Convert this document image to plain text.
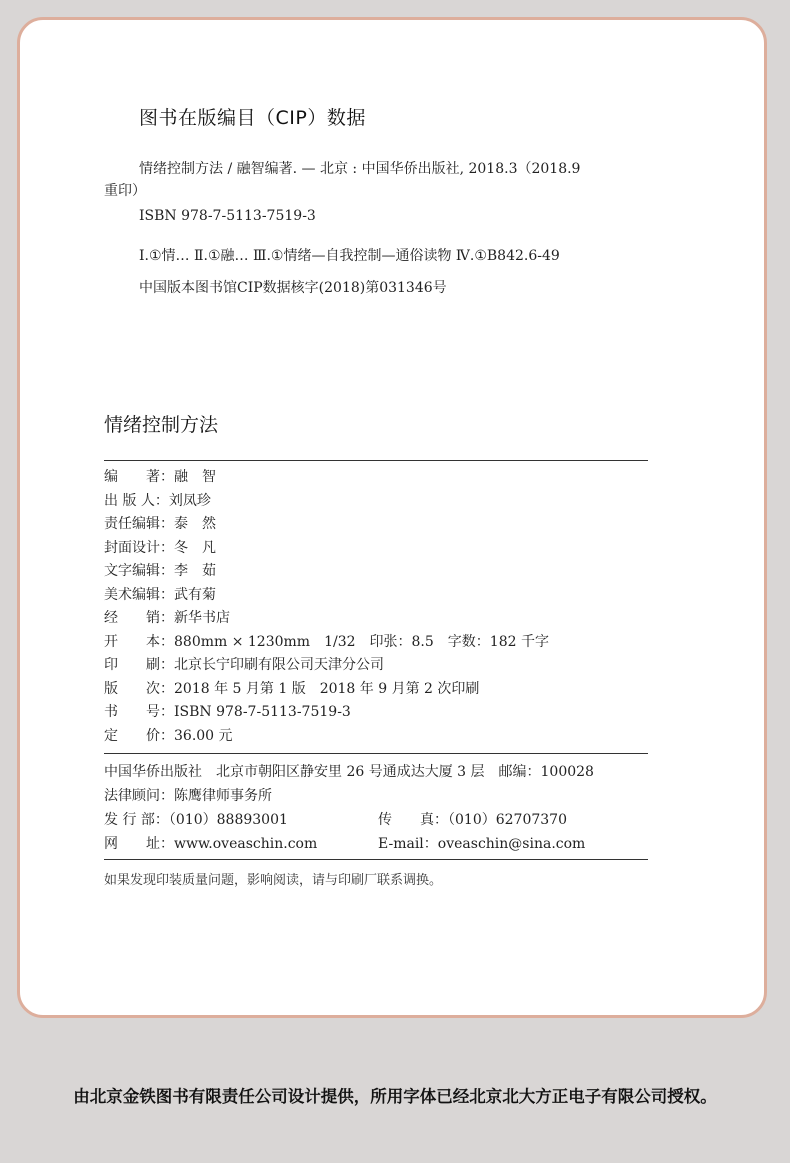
图书在版编目（CIP）数据
情绪控制方法 / 融智编著. — 北京 : 中国华侨出版社, 2018.3（2018.9
重印）
ISBN 978-7-5113-7519-3
Ⅰ.①情… Ⅱ.①融… Ⅲ.①情绪—自我控制—通俗读物 Ⅳ.①B842.6-49
中国版本图书馆CIP数据核字(2018)第031346号
情绪控制方法
编　　著：融　智
出 版 人：刘凤珍
责任编辑：泰　然
封面设计：冬　凡
文字编辑：李　茹
美术编辑：武有菊
经　　销：新华书店
开　　本：880mm × 1230mm　1/32　印张：8.5　字数：182 千字
印　　刷：北京长宁印刷有限公司天津分公司
版　　次：2018 年 5 月第 1 版　2018 年 9 月第 2 次印刷
书　　号：ISBN 978-7-5113-7519-3
定　　价：36.00 元
中国华侨出版社　北京市朝阳区静安里 26 号通成达大厦 3 层　邮编：100028
法律顾问：陈鹰律师事务所
发 行 部：（010）88893001	传　　真：（010）62707370
网　　址：www.oveaschin.com	E-mail：oveaschin@sina.com
如果发现印装质量问题，影响阅读，请与印刷厂联系调换。
由北京金铁图书有限责任公司设计提供，所用字体已经北京北大方正电子有限公司授权。
